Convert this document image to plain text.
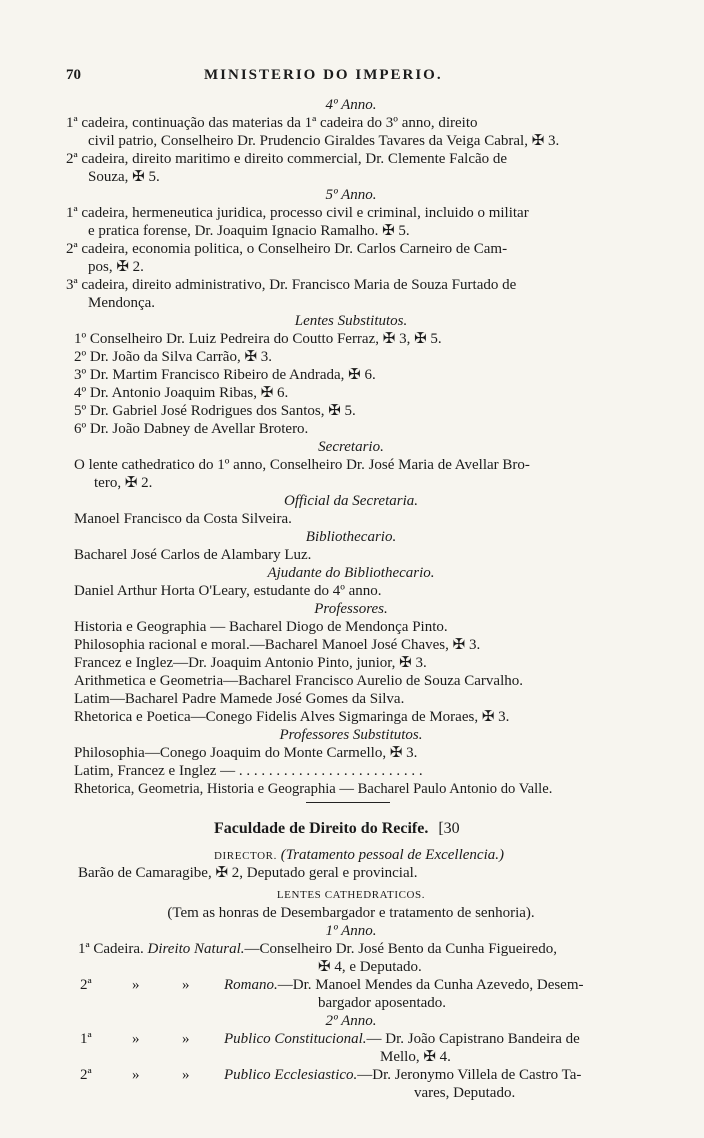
70	MINISTERIO DO IMPERIO.
4º Anno.
1ª cadeira, continuação das materias da 1ª cadeira do 3º anno, direito
civil patrio, Conselheiro Dr. Prudencio Giraldes Tavares da Veiga Cabral, ✠ 3.
2ª cadeira, direito maritimo e direito commercial, Dr. Clemente Falcão de
Souza, ✠ 5.
5º Anno.
1ª cadeira, hermeneutica juridica, processo civil e criminal, incluido o militar
e pratica forense, Dr. Joaquim Ignacio Ramalho. ✠ 5.
2ª cadeira, economia politica, o Conselheiro Dr. Carlos Carneiro de Cam-
pos, ✠ 2.
3ª cadeira, direito administrativo, Dr. Francisco Maria de Souza Furtado de
Mendonça.
Lentes Substitutos.
1º Conselheiro Dr. Luiz Pedreira do Coutto Ferraz, ✠ 3, ✠ 5.
2º Dr. João da Silva Carrão, ✠ 3.
3º Dr. Martim Francisco Ribeiro de Andrada, ✠ 6.
4º Dr. Antonio Joaquim Ribas, ✠ 6.
5º Dr. Gabriel José Rodrigues dos Santos, ✠ 5.
6º Dr. João Dabney de Avellar Brotero.
Secretario.
O lente cathedratico do 1º anno, Conselheiro Dr. José Maria de Avellar Bro-
tero, ✠ 2.
Official da Secretaria.
Manoel Francisco da Costa Silveira.
Bibliothecario.
Bacharel José Carlos de Alambary Luz.
Ajudante do Bibliothecario.
Daniel Arthur Horta O'Leary, estudante do 4º anno.
Professores.
Historia e Geographia — Bacharel Diogo de Mendonça Pinto.
Philosophia racional e moral.—Bacharel Manoel José Chaves, ✠ 3.
Francez e Inglez—Dr. Joaquim Antonio Pinto, junior, ✠ 3.
Arithmetica e Geometria—Bacharel Francisco Aurelio de Souza Carvalho.
Latim—Bacharel Padre Mamede José Gomes da Silva.
Rhetorica e Poetica—Conego Fidelis Alves Sigmaringa de Moraes, ✠ 3.
Professores Substitutos.
Philosophia—Conego Joaquim do Monte Carmello, ✠ 3.
Latim, Francez e Inglez — . . . . . . . . . . . . . . . . . . . . . . . . .
Rhetorica, Geometria, Historia e Geographia — Bacharel Paulo Antonio do Valle.
Faculdade de Direito do Recife. [30
DIRECTOR. (Tratamento pessoal de Excellencia.)
Barão de Camaragibe, ✠ 2, Deputado geral e provincial.
LENTES CATHEDRATICOS.
(Tem as honras de Desembargador e tratamento de senhoria).
1º Anno.
1ª Cadeira. Direito Natural.—Conselheiro Dr. José Bento da Cunha Figueiredo,
✠ 4, e Deputado.
2ª	»	» Romano.—Dr. Manoel Mendes da Cunha Azevedo, Desem-
bargador aposentado.
2º Anno.
1ª	»	» Publico Constitucional.— Dr. João Capistrano Bandeira de
Mello, ✠ 4.
2ª	»	» Publico Ecclesiastico.—Dr. Jeronymo Villela de Castro Ta-
vares, Deputado.
